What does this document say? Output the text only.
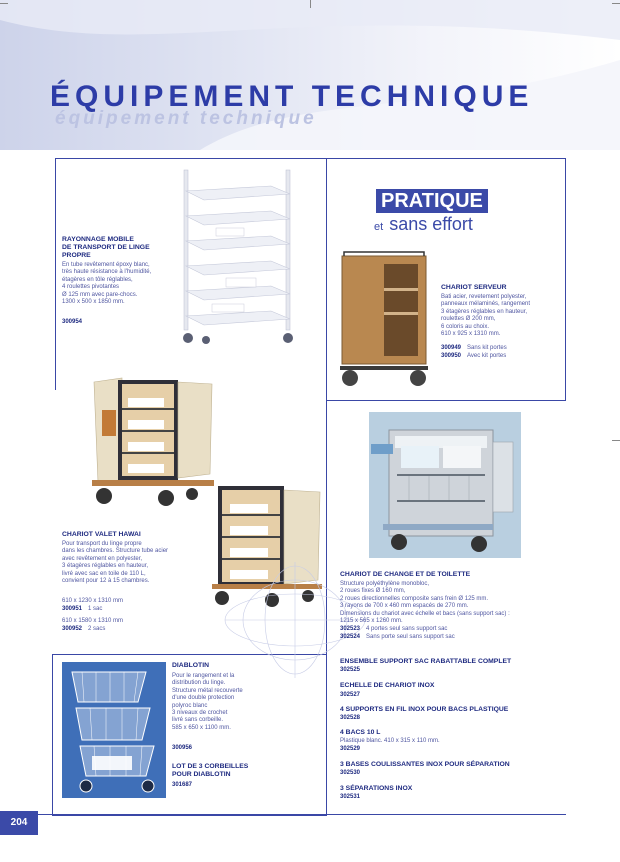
ÉQUIPEMENT TECHNIQUE
équipement technique
RAYONNAGE MOBILE
DE TRANSPORT DE LINGE
PROPRE
En tube revêtement époxy blanc,
très haute résistance à l'humidité,
étagères en tôle réglables,
4 roulettes pivotantes
Ø 125 mm avec pare-chocs.
1300 x 500 x 1850 mm.
300954
PRATIQUE
et sans effort
CHARIOT SERVEUR
Bati acier, revetement polyester,
panneaux mélaminés, rangement
3 étagères réglables en hauteur,
roulettes Ø 200 mm,
6 coloris au choix.
610 x 925 x 1310 mm.
300949 Sans kit portes
300950 Avec kit portes
CHARIOT VALET HAWAI
Pour transport du linge propre
dans les chambres. Structure tube acier
avec revêtement en polyester,
3 étagères réglables en hauteur,
livré avec sac en toile de 110 L,
convient pour 12 à 15 chambres.
610 x 1230 x 1310 mm
300951 1 sac
610 x 1580 x 1310 mm
300952 2 sacs
CHARIOT DE CHANGE ET DE TOILETTE
Structure polyéthylène monobloc,
2 roues fixes Ø 160 mm,
2 roues directionnelles composite sans frein Ø 125 mm.
3 rayons de 700 x 460 mm espacés de 270 mm.
Dimensions du chariot avec échelle et bacs (sans support sac) :
1215 x 565 x 1260 mm.
302523 4 portes seul sans support sac
302524 Sans porte seul sans support sac
ENSEMBLE SUPPORT SAC RABATTABLE COMPLET
302525
ECHELLE DE CHARIOT INOX
302527
4 SUPPORTS EN FIL INOX POUR BACS PLASTIQUE
302528
4 BACS 10 L
Plastique blanc. 410 x 315 x 110 mm.
302529
3 BASES COULISSANTES INOX POUR SÉPARATION
302530
3 SÉPARATIONS INOX
302531
DIABLOTIN
Pour le rangement et la
distribution du linge.
Structure métal recouverte
d'une double protection
polyroc blanc
3 niveaux de crochet
livré sans corbeille.
585 x 650 x 1100 mm.
300956
LOT DE 3 CORBEILLES
POUR DIABLOTIN
301687
204
